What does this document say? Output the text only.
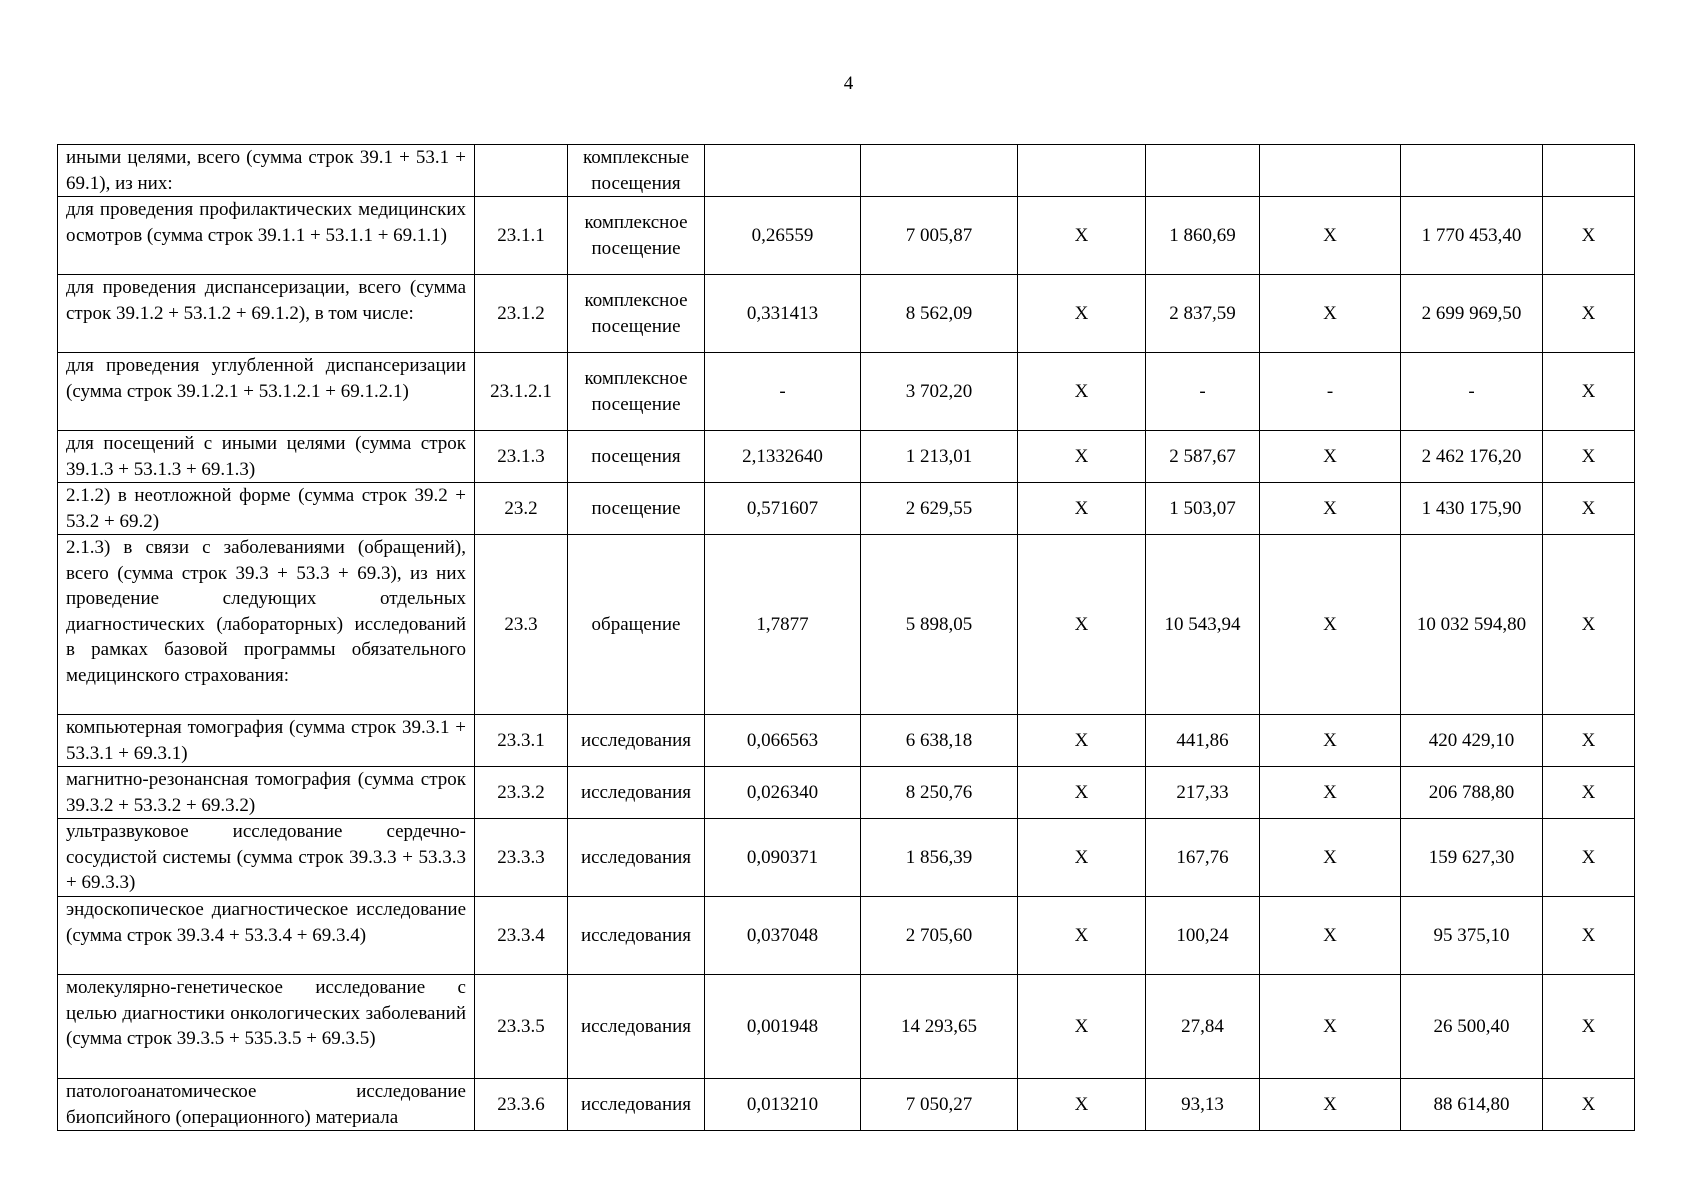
4
иными целями, всего (сумма строк 39.1 + 53.1 + 69.1), из них:		комплексные посещения							
для проведения профилактических медицинских осмотров (сумма строк 39.1.1 + 53.1.1 + 69.1.1)	23.1.1	комплексное посещение	0,26559	7 005,87	X	1 860,69	X	1 770 453,40	X
для проведения диспансеризации, всего (сумма строк 39.1.2 + 53.1.2 + 69.1.2), в том числе:	23.1.2	комплексное посещение	0,331413	8 562,09	X	2 837,59	X	2 699 969,50	X
для проведения углубленной диспансеризации (сумма строк 39.1.2.1 + 53.1.2.1 + 69.1.2.1)	23.1.2.1	комплексное посещение	-	3 702,20	X	-	-	-	X
для посещений с иными целями (сумма строк 39.1.3 + 53.1.3 + 69.1.3)	23.1.3	посещения	2,1332640	1 213,01	X	2 587,67	X	2 462 176,20	X
2.1.2) в неотложной форме (сумма строк 39.2 + 53.2 + 69.2)	23.2	посещение	0,571607	2 629,55	X	1 503,07	X	1 430 175,90	X
2.1.3) в связи с заболеваниями (обращений), всего (сумма строк 39.3 + 53.3 + 69.3), из них проведение следующих отдельных диагностических (лабораторных) исследований в рамках базовой программы обязательного медицинского страхования:	23.3	обращение	1,7877	5 898,05	X	10 543,94	X	10 032 594,80	X
компьютерная томография (сумма строк 39.3.1 + 53.3.1 + 69.3.1)	23.3.1	исследования	0,066563	6 638,18	X	441,86	X	420 429,10	X
магнитно-резонансная томография (сумма строк 39.3.2 + 53.3.2 + 69.3.2)	23.3.2	исследования	0,026340	8 250,76	X	217,33	X	206 788,80	X
ультразвуковое исследование сердечно-сосудистой системы (сумма строк 39.3.3 + 53.3.3 + 69.3.3)	23.3.3	исследования	0,090371	1 856,39	X	167,76	X	159 627,30	X
эндоскопическое диагностическое исследование (сумма строк 39.3.4 + 53.3.4 + 69.3.4)	23.3.4	исследования	0,037048	2 705,60	X	100,24	X	95 375,10	X
молекулярно-генетическое исследование с целью диагностики онкологических заболеваний (сумма строк 39.3.5 + 535.3.5 + 69.3.5)	23.3.5	исследования	0,001948	14 293,65	X	27,84	X	26 500,40	X
патологоанатомическое исследование биопсийного (операционного) материала	23.3.6	исследования	0,013210	7 050,27	X	93,13	X	88 614,80	X
